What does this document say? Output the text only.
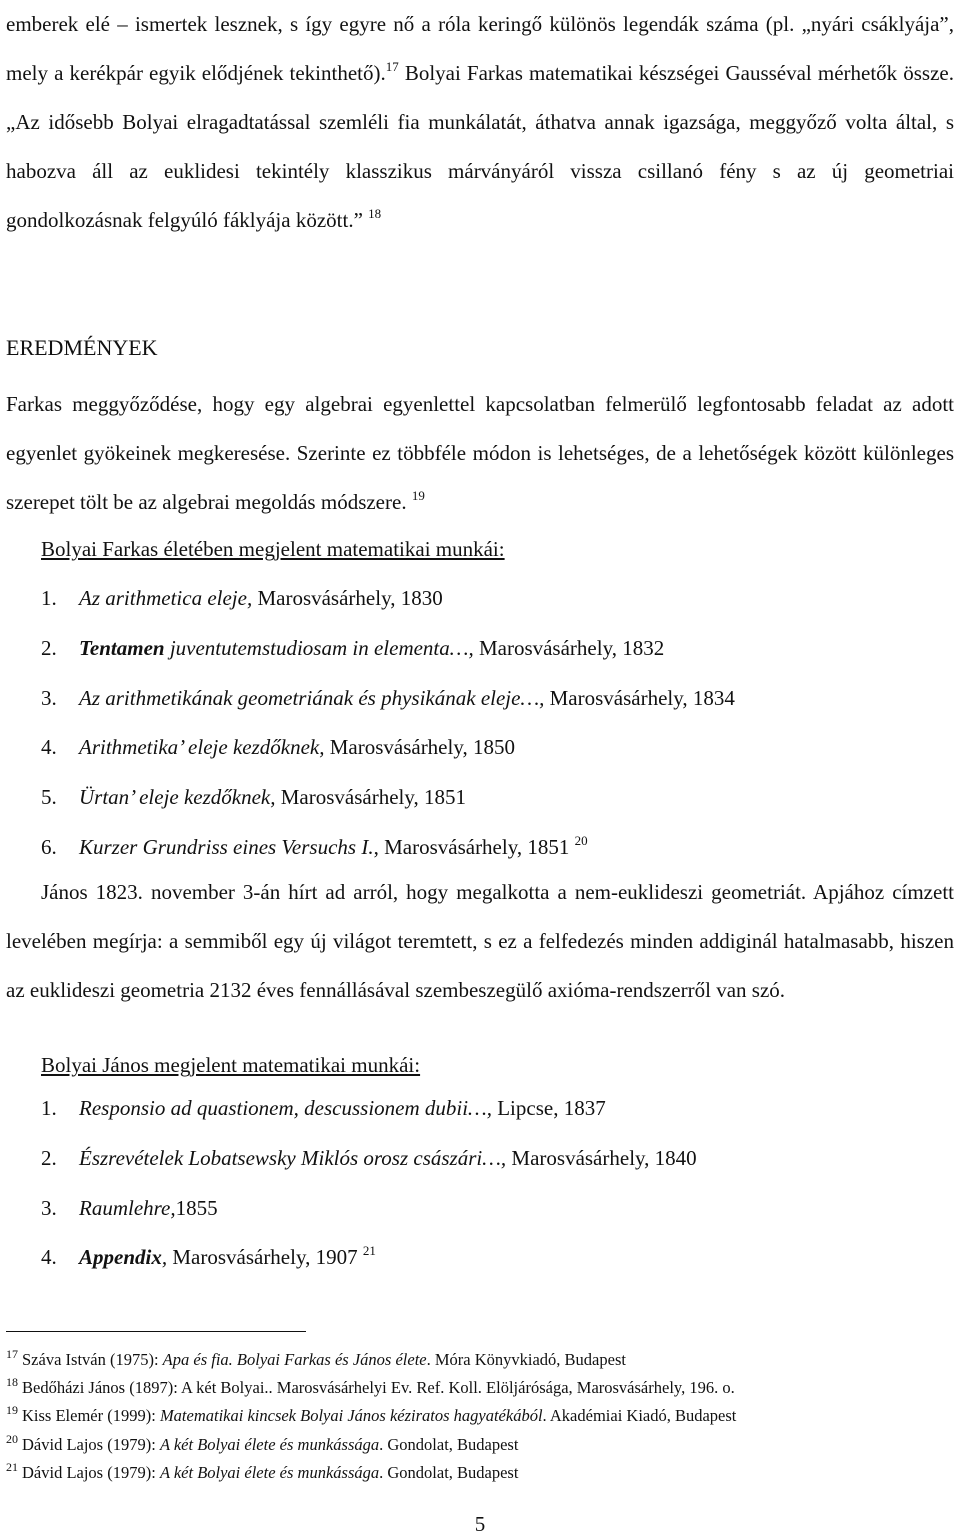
emberek elé – ismertek lesznek, s így egyre nő a róla keringő különös legendák száma (pl. „nyári csáklyája”, mely a kerékpár egyik elődjének tekinthető).$^{17}$ Bolyai Farkas matematikai készségei Gausséval mérhetők össze. „Az idősebb Bolyai elragadtatással szemléli fia munkálatát, áthatva annak igazsága, meggyőző volta által, s habozva áll az euklidesi tekintély klasszikus márványáról vissza csillanó fény s az új geometriai gondolkozásnak felgyúló fáklyája között.” $^{18}$

EREDMÉNYEK

Farkas meggyőződése, hogy egy algebrai egyenlettel kapcsolatban felmerülő legfontosabb feladat az adott egyenlet gyökeinek megkeresése. Szerinte ez többféle módon is lehetséges, de a lehetőségek között különleges szerepet tölt be az algebrai megoldás módszere. $^{19}$

Bolyai Farkas életében megjelent matematikai munkái:

1. Az arithmetica eleje, Marosvásárhely, 1830
2. Tentamen juventutemstudiosam in elementa…, Marosvásárhely, 1832
3. Az arithmetikának geometriának és physikának eleje…, Marosvásárhely, 1834
4. Arithmetika’ eleje kezdőknek, Marosvásárhely, 1850
5. Ürtan’ eleje kezdőknek, Marosvásárhely, 1851
6. Kurzer Grundriss eines Versuchs I., Marosvásárhely, 1851 $^{20}$

János 1823. november 3-án hírt ad arról, hogy megalkotta a nem-euklideszi geometriát. Apjához címzett levelében megírja: a semmiből egy új világot teremtett, s ez a felfedezés minden addiginál hatalmasabb, hiszen az euklideszi geometria 2132 éves fennállásával szembeszegülő axióma-rendszerről van szó.

Bolyai János megjelent matematikai munkái:

1. Responsio ad quastionem, descussionem dubii…, Lipcse, 1837
2. Észrevételek Lobatsewsky Miklós orosz császári…, Marosvásárhely, 1840
3. Raumlehre,1855
4. Appendix, Marosvásárhely, 1907 $^{21}$

$^{17}$ Száva István (1975): Apa és fia. Bolyai Farkas és János élete. Móra Könyvkiadó, Budapest

$^{18}$ Bedőházi János (1897): A két Bolyai.. Marosvásárhelyi Ev. Ref. Koll. Elöljárósága, Marosvásárhely, 196. o.

$^{19}$ Kiss Elemér (1999): Matematikai kincsek Bolyai János kéziratos hagyatékából. Akadémiai Kiadó, Budapest

$^{20}$ Dávid Lajos (1979): A két Bolyai élete és munkássága. Gondolat, Budapest

$^{21}$ Dávid Lajos (1979): A két Bolyai élete és munkássága. Gondolat, Budapest

5
